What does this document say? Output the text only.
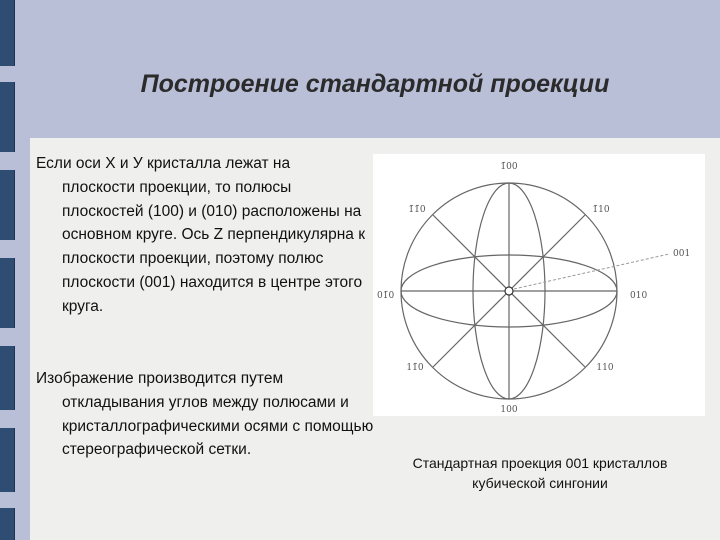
Построение стандартной проекции
Если оси X и У кристалла лежат на
плоскости проекции, то полюсы плоскостей (100) и (010) расположены на основном круге. Ось Z перпендикулярна к плоскости проекции, поэтому полюс плоскости (001) находится в центре этого круга.
Изображение производится путем
откладывания углов между полюсами и кристаллографическими осями с помощью стереографической сетки.
1̄00
1̄1̄0	1̄10
01̄0	010
11̄0	110
100
001
Стандартная проекция 001 кристаллов кубической сингонии
